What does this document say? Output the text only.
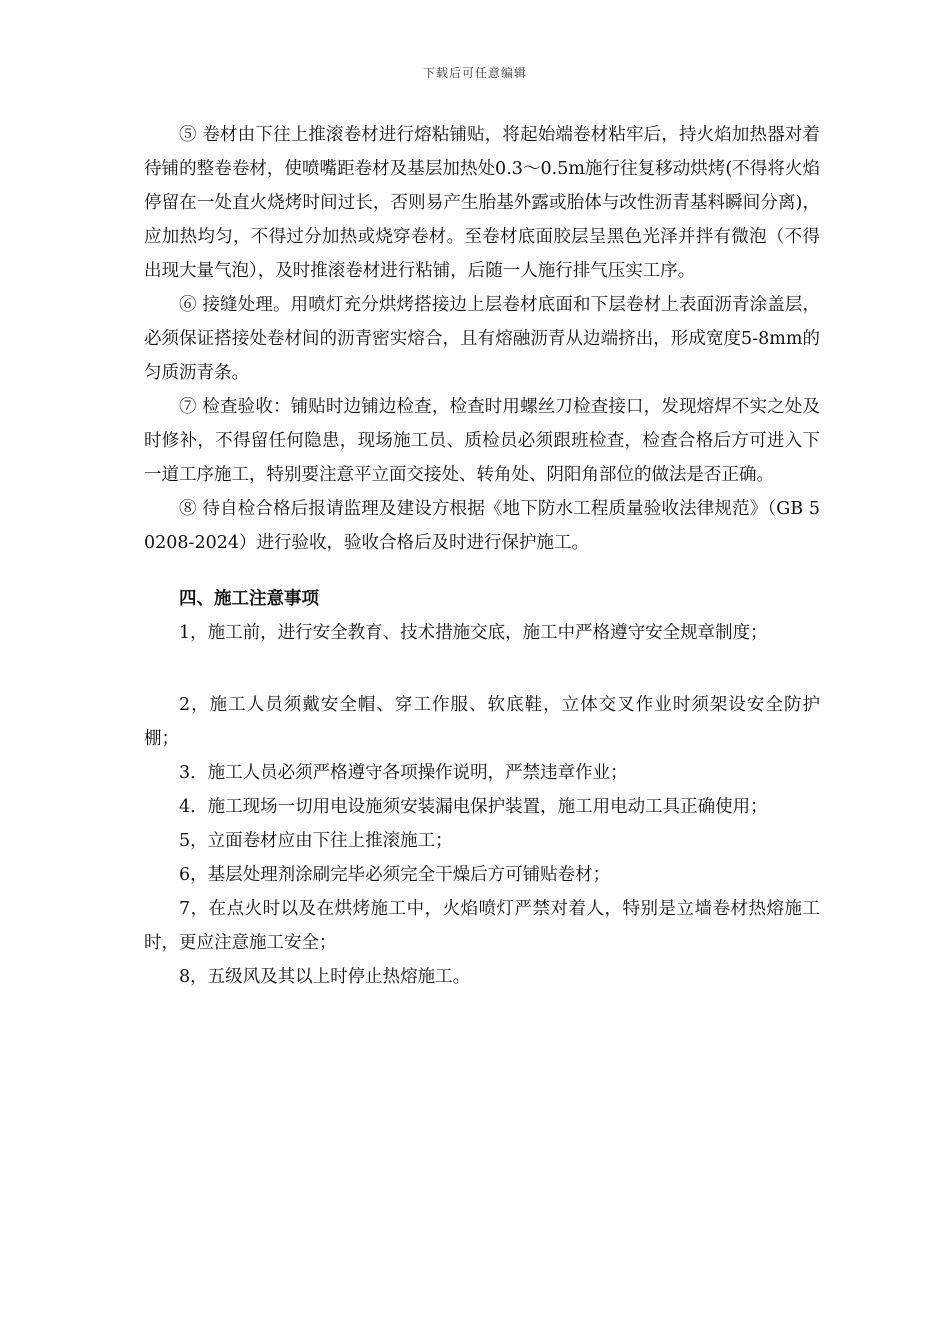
下载后可任意编辑

⑤ 卷材由下往上推滚卷材进行熔粘铺贴，将起始端卷材粘牢后，持火焰加热器对着待铺的整卷卷材，使喷嘴距卷材及基层加热处0.3～0.5m施行往复移动烘烤(不得将火焰停留在一处直火烧烤时间过长，否则易产生胎基外露或胎体与改性沥青基料瞬间分离)，应加热均匀，不得过分加热或烧穿卷材。至卷材底面胶层呈黑色光泽并拌有微泡（不得出现大量气泡），及时推滚卷材进行粘铺，后随一人施行排气压实工序。

⑥ 接缝处理。用喷灯充分烘烤搭接边上层卷材底面和下层卷材上表面沥青涂盖层，必须保证搭接处卷材间的沥青密实熔合，且有熔融沥青从边端挤出，形成宽度5-8mm的匀质沥青条。

⑦ 检查验收：铺贴时边铺边检查，检查时用螺丝刀检查接口，发现熔焊不实之处及时修补，不得留任何隐患，现场施工员、质检员必须跟班检查，检查合格后方可进入下一道工序施工，特别要注意平立面交接处、转角处、阴阳角部位的做法是否正确。

⑧ 待自检合格后报请监理及建设方根据《地下防水工程质量验收法律规范》（GB 50208-2024）进行验收，验收合格后及时进行保护施工。

四、施工注意事项

1，施工前，进行安全教育、技术措施交底，施工中严格遵守安全规章制度；

2，施工人员须戴安全帽、穿工作服、软底鞋，立体交叉作业时须架设安全防护棚；

3．施工人员必须严格遵守各项操作说明，严禁违章作业；

4．施工现场一切用电设施须安装漏电保护装置，施工用电动工具正确使用；

5，立面卷材应由下往上推滚施工；

6，基层处理剂涂刷完毕必须完全干燥后方可铺贴卷材；

7，在点火时以及在烘烤施工中，火焰喷灯严禁对着人，特别是立墙卷材热熔施工时，更应注意施工安全；

8，五级风及其以上时停止热熔施工。
